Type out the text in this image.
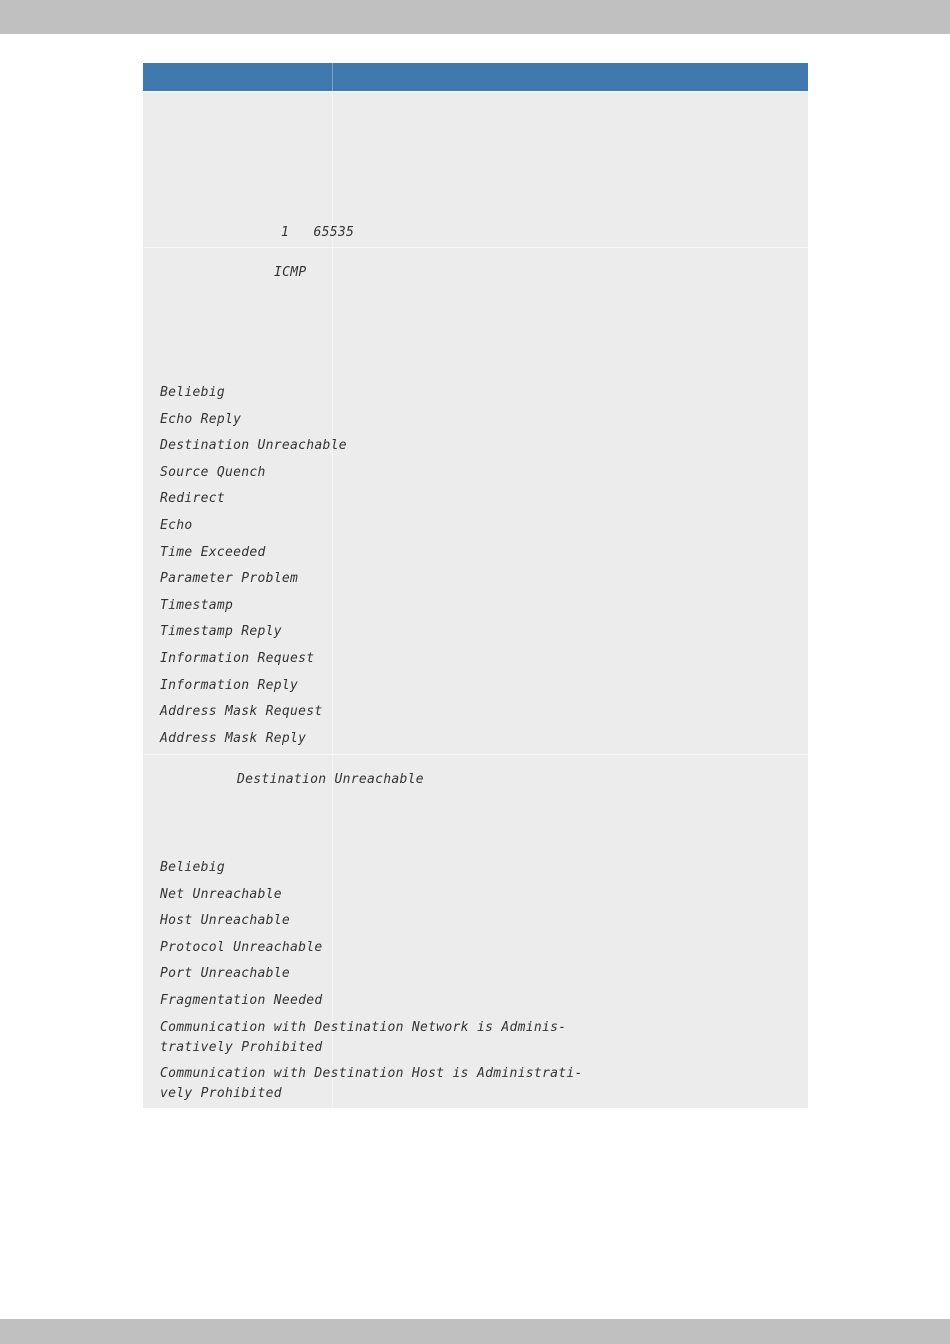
1   65535
ICMP
Beliebig
Echo Reply
Destination Unreachable
Source Quench
Redirect
Echo
Time Exceeded
Parameter Problem
Timestamp
Timestamp Reply
Information Request
Information Reply
Address Mask Request
Address Mask Reply
Destination Unreachable
Beliebig
Net Unreachable
Host Unreachable
Protocol Unreachable
Port Unreachable
Fragmentation Needed
Communication with Destination Network is Adminis-tratively Prohibited
Communication with Destination Host is Administrati-vely Prohibited
